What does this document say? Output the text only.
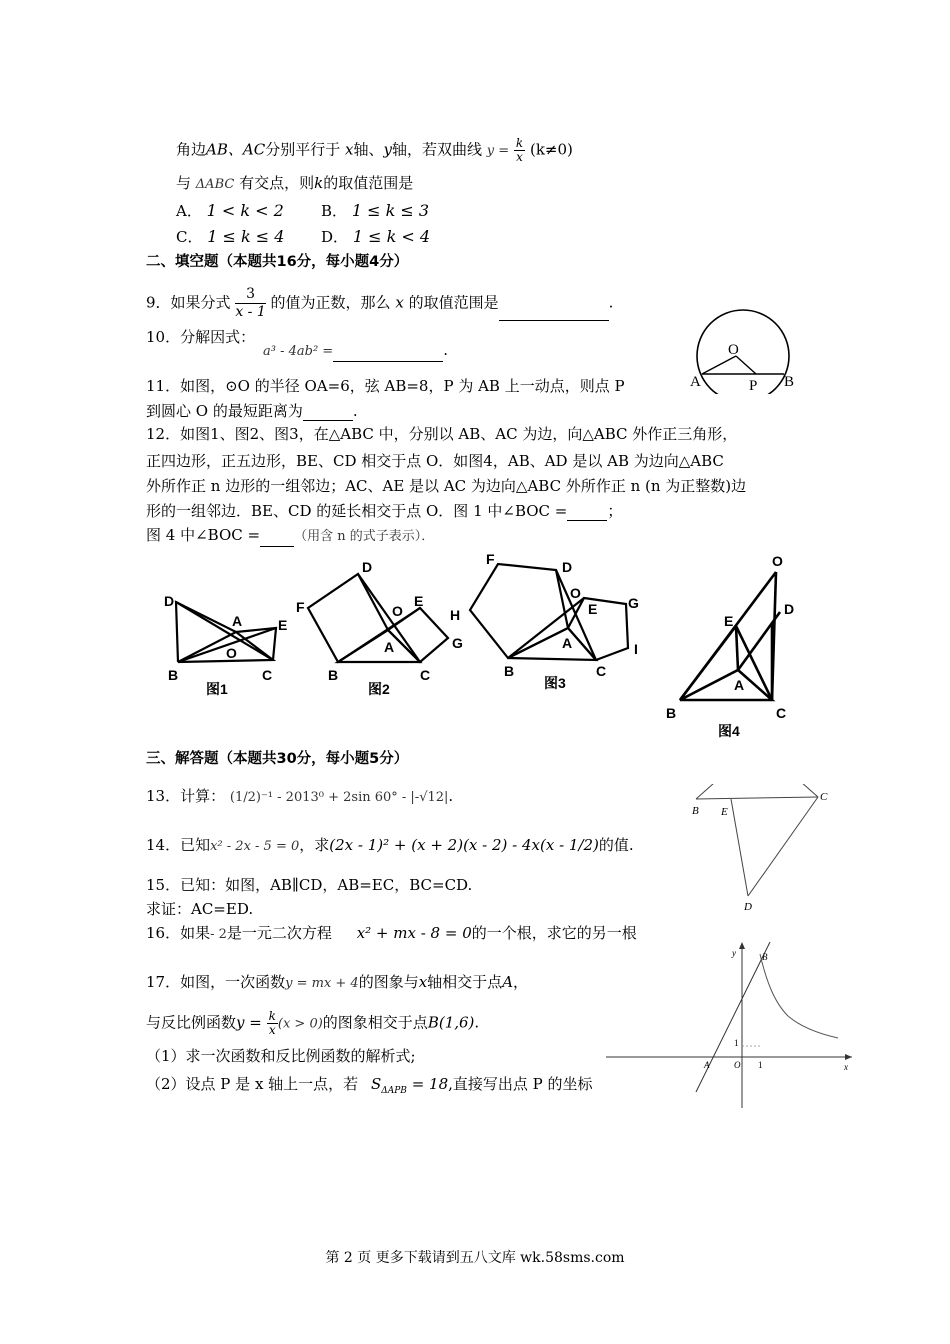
角边AB、AC分别平行于 x轴、y轴，若双曲线 $y = \frac{k}{x} (k\ne 0)$
与 ΔABC 有交点，则k的取值范围是
A． 1 < k < 2 B． 1 ≤ k ≤ 3
C． 1 ≤ k ≤ 4 D． 1 ≤ k < 4
二、填空题（本题共16分，每小题4分）
9．如果分式 $\frac{3}{x - 1}$ 的值为正数，那么 x 的取值范围是	.
10．分解因式：
a³ - 4ab² =	.	O
A	P B
11．如图，⊙O 的半径 OA=6，弦 AB=8，P 为 AB 上一动点，则点 P
到圆心 O 的最短距离为	.
12．如图1、图2、图3，在△ABC 中，分别以 AB、AC 为边，向△ABC 外作正三角形，
正四边形，正五边形，BE、CD 相交于点 O．如图4，AB、AD 是以 AB 为边向△ABC
外所作正 n 边形的一组邻边；AC、AE 是以 AC 为边向△ABC 外所作正 n (n 为正整数)边
形的一组邻边．BE、CD 的延长相交于点 O．图 1 中∠BOC =	；
图 4 中∠BOC =	（用含 n 的式子表示）．
B	C
D
E
A
O
图1
B	C
D
E
F
G
H
A
O
图2
B	C
D
E
F
G
I
A
O
图3
B	C
D
E
A
O
图4
三、解答题（本题共30分，每小题5分）
13．计算： (1/2)⁻¹ - 2013⁰ + 2sin 60° - |-√12|.
14．已知x² - 2x - 5 = 0，求(2x - 1)² + (x + 2)(x - 2) - 4x(x - 1/2)的值.
15．已知：如图，AB∥CD，AB=EC，BC=CD.
求证：AC=ED.
B E
C
D
16．如果- 2是一元二次方程 x² + mx - 8 = 0的一个根，求它的另一根
17．如图，一次函数y = mx + 4的图象与x轴相交于点A，
与反比例函数$y = \frac{k}{x} (x > 0)$的图象相交于点B(1,6).
（1）求一次函数和反比例函数的解析式;
（2）设点 P 是 x 轴上一点，若 $S_{\Delta APB} = 18$,直接写出点 P 的坐标
y	B
1
A	O 1	x
第 2 页 更多下载请到五八文库 wk.58sms.com
